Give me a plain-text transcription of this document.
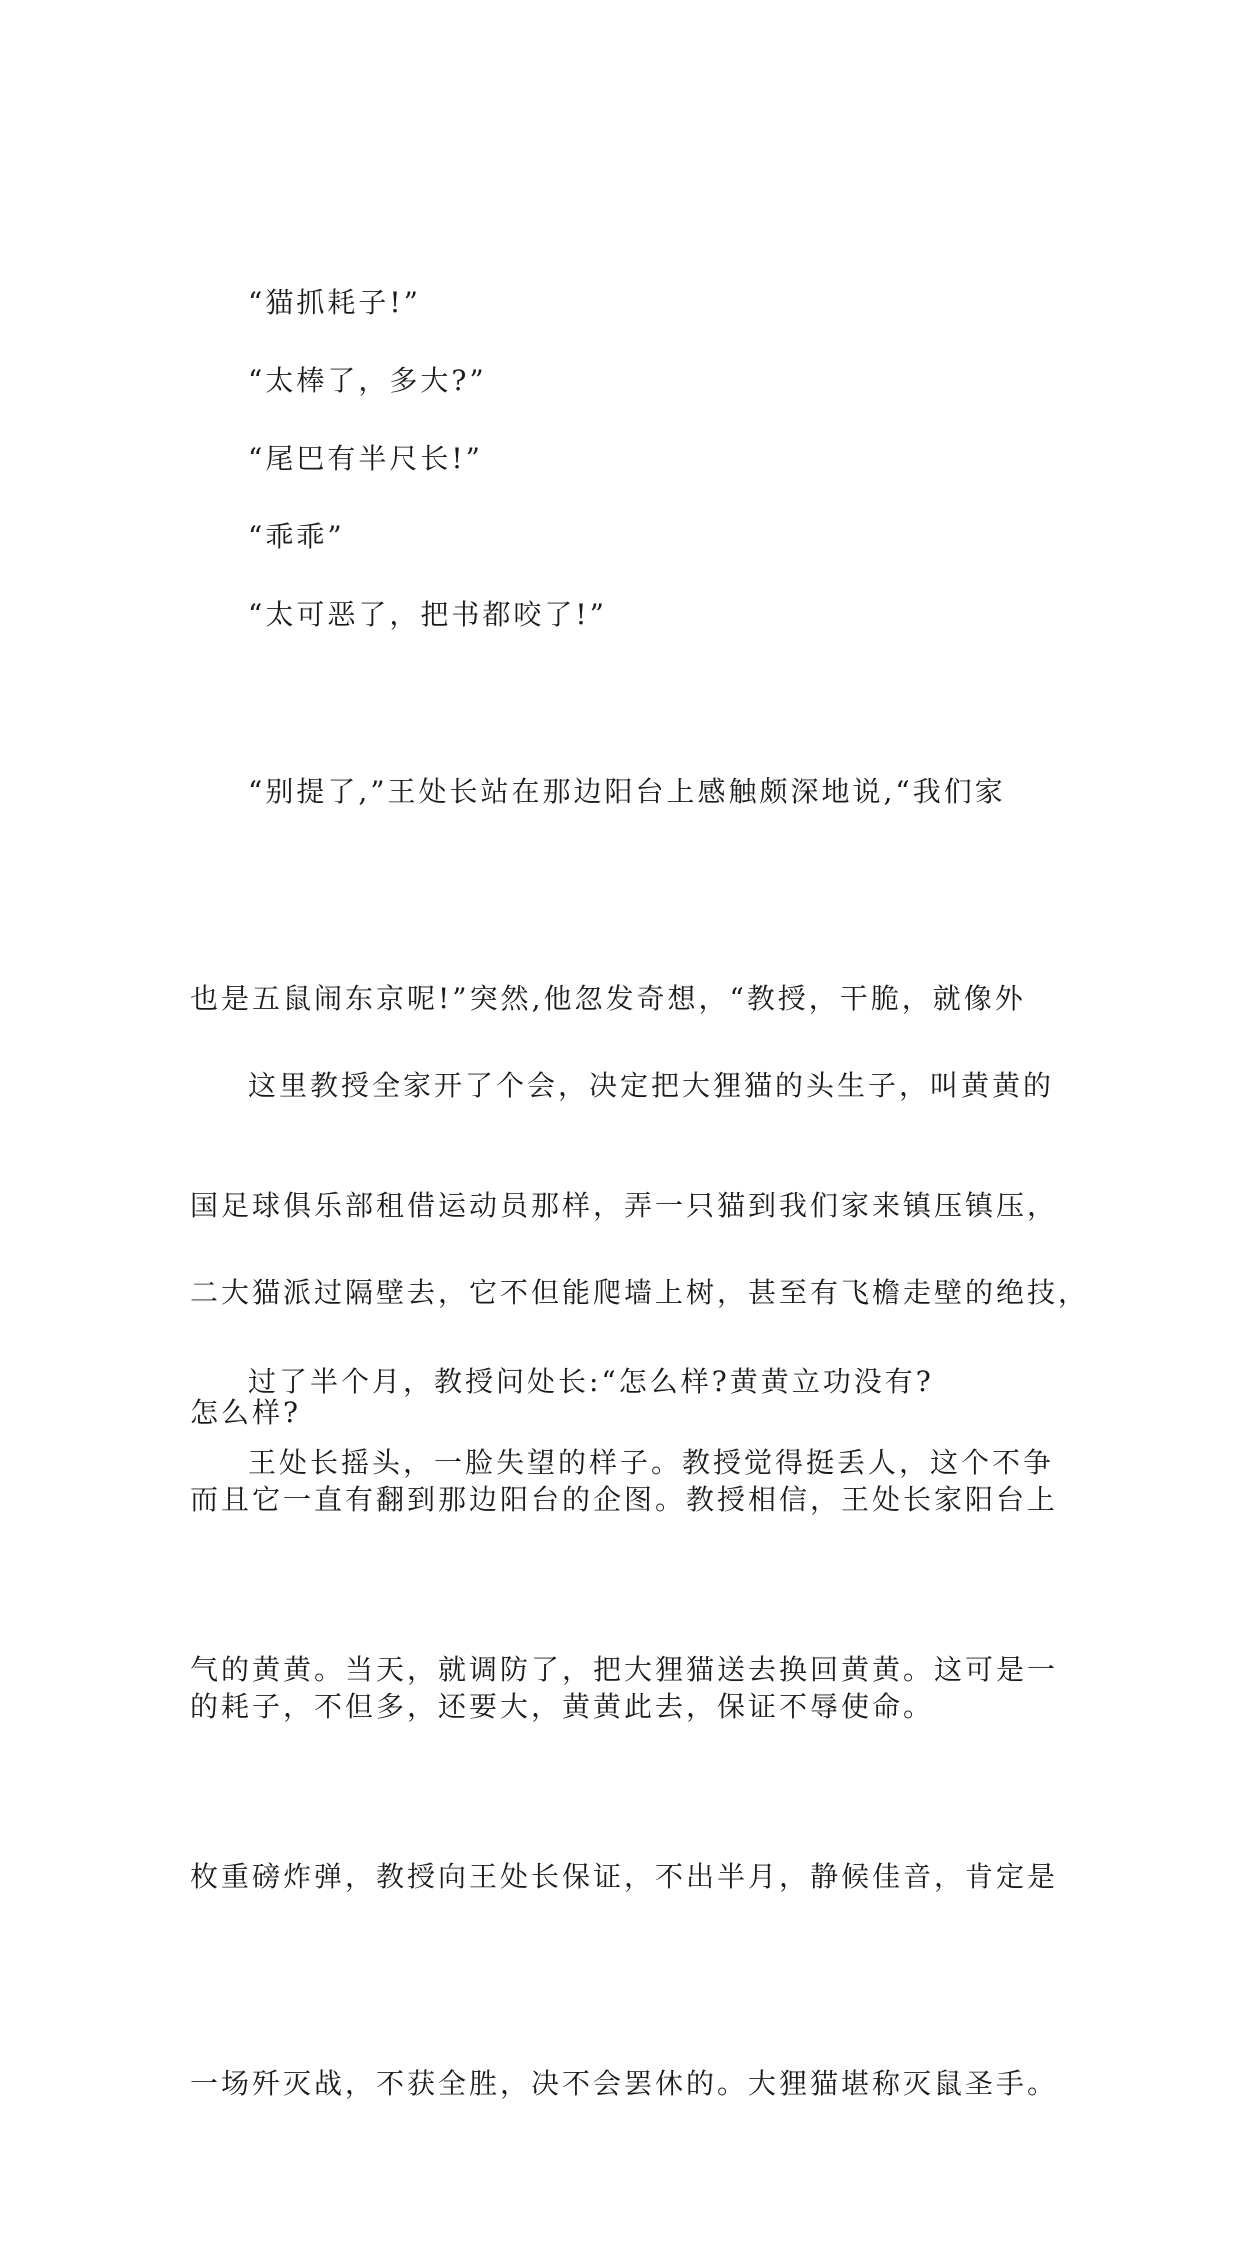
“猫抓耗子!”

“太棒了，多大?”

“尾巴有半尺长!”

“乖乖”

“太可恶了，把书都咬了!”

“别提了,”王处长站在那边阳台上感触颇深地说,“我们家

也是五鼠闹东京呢!”突然,他忽发奇想，“教授，干脆，就像外

国足球俱乐部租借运动员那样，弄一只猫到我们家来镇压镇压，

怎么样?

这里教授全家开了个会，决定把大狸猫的头生子，叫黄黄的

二大猫派过隔壁去，它不但能爬墙上树，甚至有飞檐走壁的绝技，

而且它一直有翻到那边阳台的企图。教授相信，王处长家阳台上

的耗子，不但多，还要大，黄黄此去，保证不辱使命。

过了半个月，教授问处长:“怎么样?黄黄立功没有?

王处长摇头，一脸失望的样子。教授觉得挺丢人，这个不争

气的黄黄。当天，就调防了，把大狸猫送去换回黄黄。这可是一

枚重磅炸弹，教授向王处长保证，不出半月，静候佳音，肯定是

一场歼灭战，不获全胜，决不会罢休的。大狸猫堪称灭鼠圣手。
